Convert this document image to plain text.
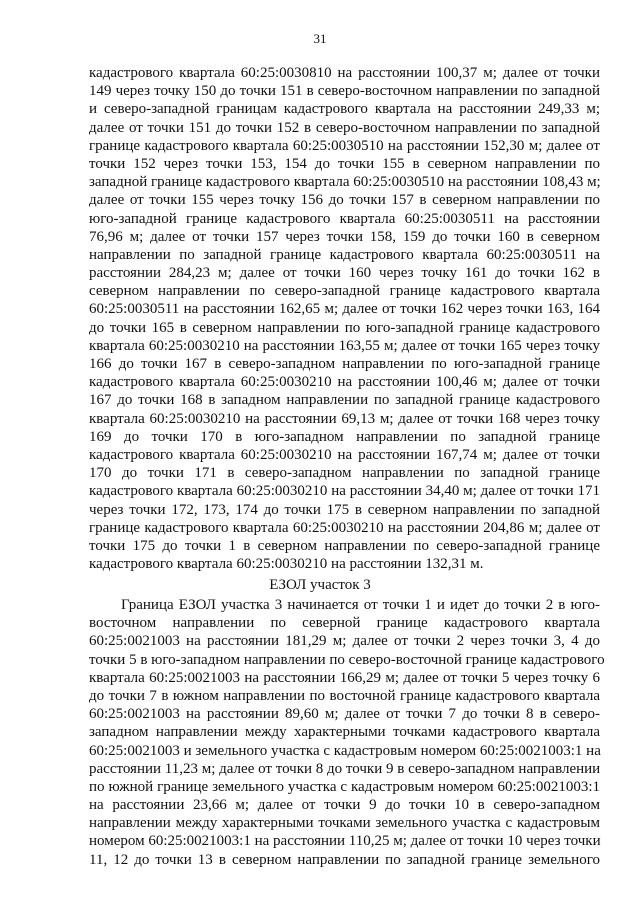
31
кадастрового квартала 60:25:0030810 на расстоянии 100,37 м; далее от точки
149 через точку 150 до точки 151 в северо-восточном направлении по западной
и северо-западной границам кадастрового квартала на расстоянии 249,33 м;
далее от точки 151 до точки 152 в северо-восточном направлении по западной
границе кадастрового квартала 60:25:0030510 на расстоянии 152,30 м; далее от
точки 152 через точки 153, 154 до точки 155 в северном направлении по
западной границе кадастрового квартала 60:25:0030510 на расстоянии 108,43 м;
далее от точки 155 через точку 156 до точки 157 в северном направлении по
юго-западной границе кадастрового квартала 60:25:0030511 на расстоянии
76,96 м; далее от точки 157 через точки 158, 159 до точки 160 в северном
направлении по западной границе кадастрового квартала 60:25:0030511 на
расстоянии 284,23 м; далее от точки 160 через точку 161 до точки 162 в
северном направлении по северо-западной границе кадастрового квартала
60:25:0030511 на расстоянии 162,65 м; далее от точки 162 через точки 163, 164
до точки 165 в северном направлении по юго-западной границе кадастрового
квартала 60:25:0030210 на расстоянии 163,55 м; далее от точки 165 через точку
166 до точки 167 в северо-западном направлении по юго-западной границе
кадастрового квартала 60:25:0030210 на расстоянии 100,46 м; далее от точки
167 до точки 168 в западном направлении по западной границе кадастрового
квартала 60:25:0030210 на расстоянии 69,13 м; далее от точки 168 через точку
169 до точки 170 в юго-западном направлении по западной границе
кадастрового квартала 60:25:0030210 на расстоянии 167,74 м; далее от точки
170 до точки 171 в северо-западном направлении по западной границе
кадастрового квартала 60:25:0030210 на расстоянии 34,40 м; далее от точки 171
через точки 172, 173, 174 до точки 175 в северном направлении по западной
границе кадастрового квартала 60:25:0030210 на расстоянии 204,86 м; далее от
точки 175 до точки 1 в северном направлении по северо-западной границе
кадастрового квартала 60:25:0030210 на расстоянии 132,31 м.
ЕЗОЛ участок 3
Граница ЕЗОЛ участка 3 начинается от точки 1 и идет до точки 2 в юго-
восточном направлении по северной границе кадастрового квартала
60:25:0021003 на расстоянии 181,29 м; далее от точки 2 через точки 3, 4 до
точки 5 в юго-западном направлении по северо-восточной границе кадастрового
квартала 60:25:0021003 на расстоянии 166,29 м; далее от точки 5 через точку 6
до точки 7 в южном направлении по восточной границе кадастрового квартала
60:25:0021003 на расстоянии 89,60 м; далее от точки 7 до точки 8 в северо-
западном направлении между характерными точками кадастрового квартала
60:25:0021003 и земельного участка с кадастровым номером 60:25:0021003:1 на
расстоянии 11,23 м; далее от точки 8 до точки 9 в северо-западном направлении
по южной границе земельного участка с кадастровым номером 60:25:0021003:1
на расстоянии 23,66 м; далее от точки 9 до точки 10 в северо-западном
направлении между характерными точками земельного участка с кадастровым
номером 60:25:0021003:1 на расстоянии 110,25 м; далее от точки 10 через точки
11, 12 до точки 13 в северном направлении по западной границе земельного
